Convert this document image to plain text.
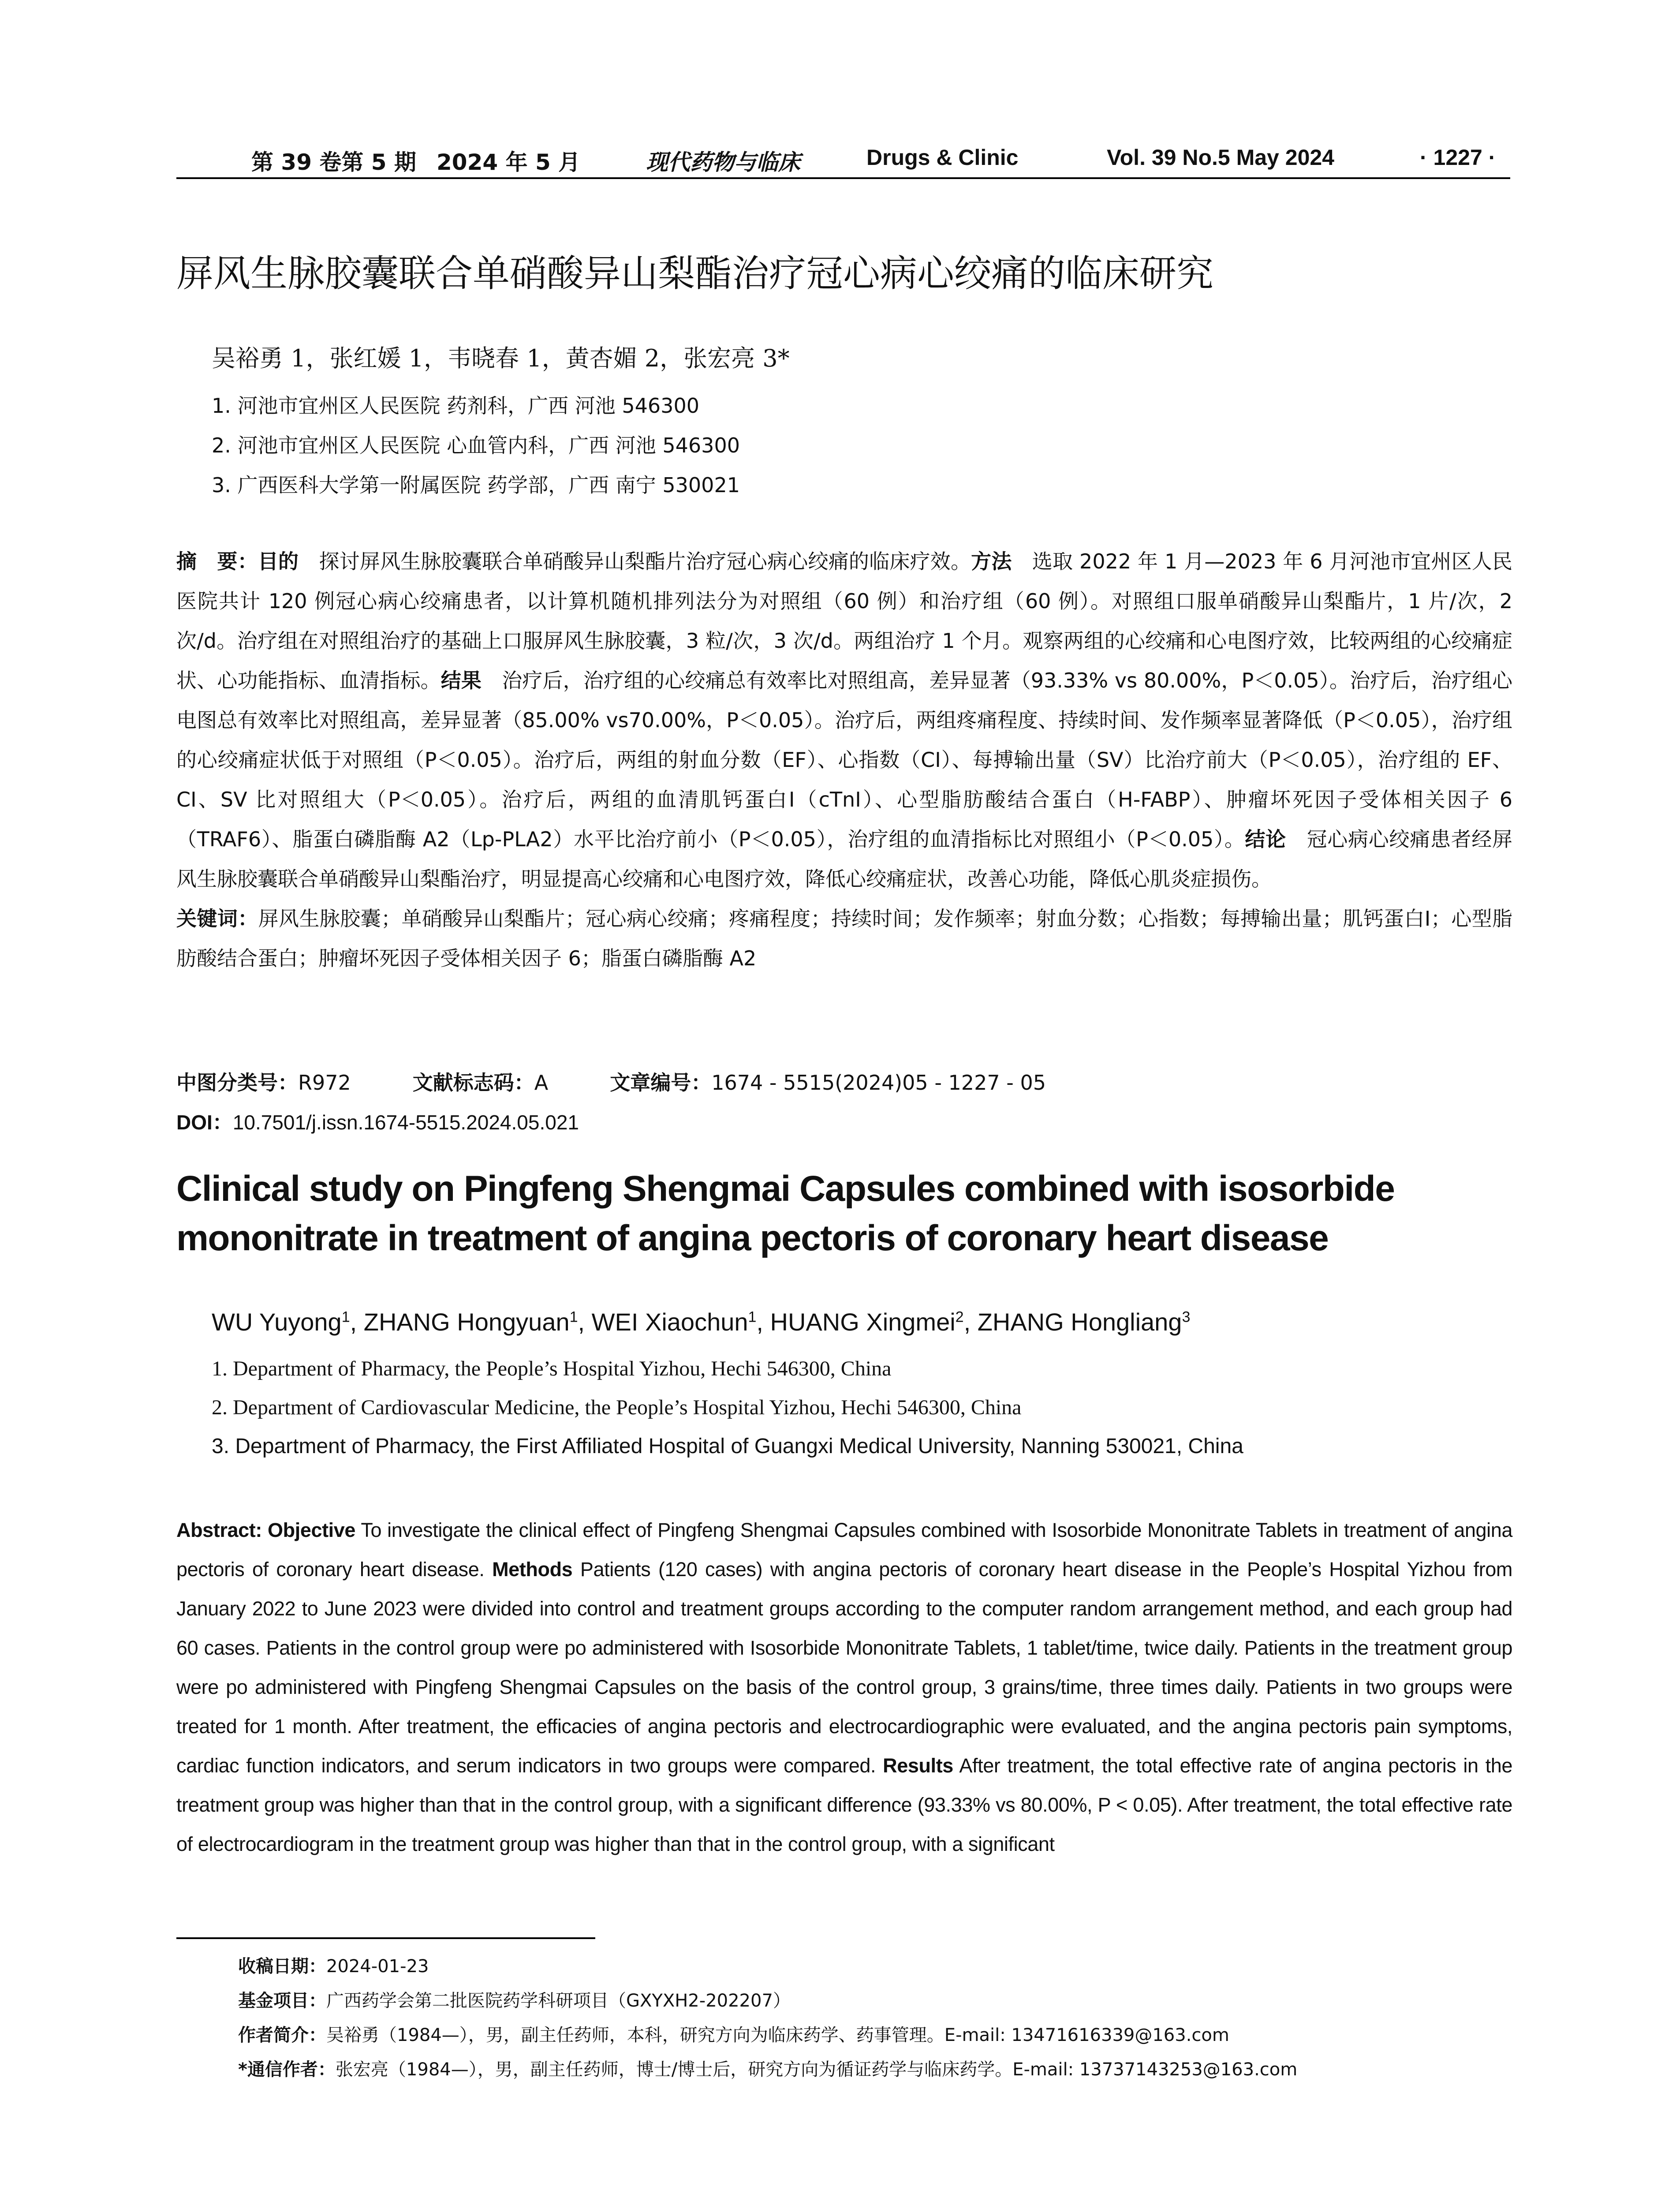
第 39 卷第 5 期 2024 年 5 月	现代药物与临床	Drugs & Clinic	Vol. 39 No.5 May 2024	· 1227 ·
屏风生脉胶囊联合单硝酸异山梨酯治疗冠心病心绞痛的临床研究
吴裕勇 1，张红媛 1，韦晓春 1，黄杏媚 2，张宏亮 3*
1. 河池市宜州区人民医院 药剂科，广西 河池 546300
2. 河池市宜州区人民医院 心血管内科，广西 河池 546300
3. 广西医科大学第一附属医院 药学部，广西 南宁 530021

摘　要：目的　探讨屏风生脉胶囊联合单硝酸异山梨酯片治疗冠心病心绞痛的临床疗效。方法　选取 2022 年 1 月—2023 年 6 月河池市宜州区人民医院共计 120 例冠心病心绞痛患者，以计算机随机排列法分为对照组（60 例）和治疗组（60 例）。对照组口服单硝酸异山梨酯片，1 片/次，2 次/d。治疗组在对照组治疗的基础上口服屏风生脉胶囊，3 粒/次，3 次/d。两组治疗 1 个月。观察两组的心绞痛和心电图疗效，比较两组的心绞痛症状、心功能指标、血清指标。结果　治疗后，治疗组的心绞痛总有效率比对照组高，差异显著（93.33% vs 80.00%，P＜0.05）。治疗后，治疗组心电图总有效率比对照组高，差异显著（85.00% vs70.00%，P＜0.05）。治疗后，两组疼痛程度、持续时间、发作频率显著降低（P＜0.05），治疗组的心绞痛症状低于对照组（P＜0.05）。治疗后，两组的射血分数（EF）、心指数（CI）、每搏输出量（SV）比治疗前大（P＜0.05），治疗组的 EF、CI、SV 比对照组大（P＜0.05）。治疗后，两组的血清肌钙蛋白Ⅰ（cTnI）、心型脂肪酸结合蛋白（H-FABP）、肿瘤坏死因子受体相关因子 6（TRAF6）、脂蛋白磷脂酶 A2（Lp-PLA2）水平比治疗前小（P＜0.05），治疗组的血清指标比对照组小（P＜0.05）。结论　冠心病心绞痛患者经屏风生脉胶囊联合单硝酸异山梨酯治疗，明显提高心绞痛和心电图疗效，降低心绞痛症状，改善心功能，降低心肌炎症损伤。

关键词：屏风生脉胶囊；单硝酸异山梨酯片；冠心病心绞痛；疼痛程度；持续时间；发作频率；射血分数；心指数；每搏输出量；肌钙蛋白Ⅰ；心型脂肪酸结合蛋白；肿瘤坏死因子受体相关因子 6；脂蛋白磷脂酶 A2

中图分类号：R972	文献标志码：A	文章编号：1674 - 5515(2024)05 - 1227 - 05
DOI：10.7501/j.issn.1674-5515.2024.05.021
Clinical study on Pingfeng Shengmai Capsules combined with isosorbide mononitrate in treatment of angina pectoris of coronary heart disease
WU Yuyong$^1$, ZHANG Hongyuan$^1$, WEI Xiaochun$^1$, HUANG Xingmei$^2$, ZHANG Hongliang$^3$
1. Department of Pharmacy, the People’s Hospital Yizhou, Hechi 546300, China
2. Department of Cardiovascular Medicine, the People’s Hospital Yizhou, Hechi 546300, China
3. Department of Pharmacy, the First Affiliated Hospital of Guangxi Medical University, Nanning 530021, China

Abstract: Objective To investigate the clinical effect of Pingfeng Shengmai Capsules combined with Isosorbide Mononitrate Tablets in treatment of angina pectoris of coronary heart disease. Methods Patients (120 cases) with angina pectoris of coronary heart disease in the People’s Hospital Yizhou from January 2022 to June 2023 were divided into control and treatment groups according to the computer random arrangement method, and each group had 60 cases. Patients in the control group were po administered with Isosorbide Mononitrate Tablets, 1 tablet/time, twice daily. Patients in the treatment group were po administered with Pingfeng Shengmai Capsules on the basis of the control group, 3 grains/time, three times daily. Patients in two groups were treated for 1 month. After treatment, the efficacies of angina pectoris and electrocardiographic were evaluated, and the angina pectoris pain symptoms, cardiac function indicators, and serum indicators in two groups were compared. Results After treatment, the total effective rate of angina pectoris in the treatment group was higher than that in the control group, with a significant difference (93.33% vs 80.00%, P < 0.05). After treatment, the total effective rate of electrocardiogram in the treatment group was higher than that in the control group, with a significant

收稿日期：2024-01-23
基金项目：广西药学会第二批医院药学科研项目（GXYXH2-202207）
作者简介：吴裕勇（1984—），男，副主任药师，本科，研究方向为临床药学、药事管理。E-mail: 13471616339@163.com
*通信作者：张宏亮（1984—），男，副主任药师，博士/博士后，研究方向为循证药学与临床药学。E-mail: 13737143253@163.com
